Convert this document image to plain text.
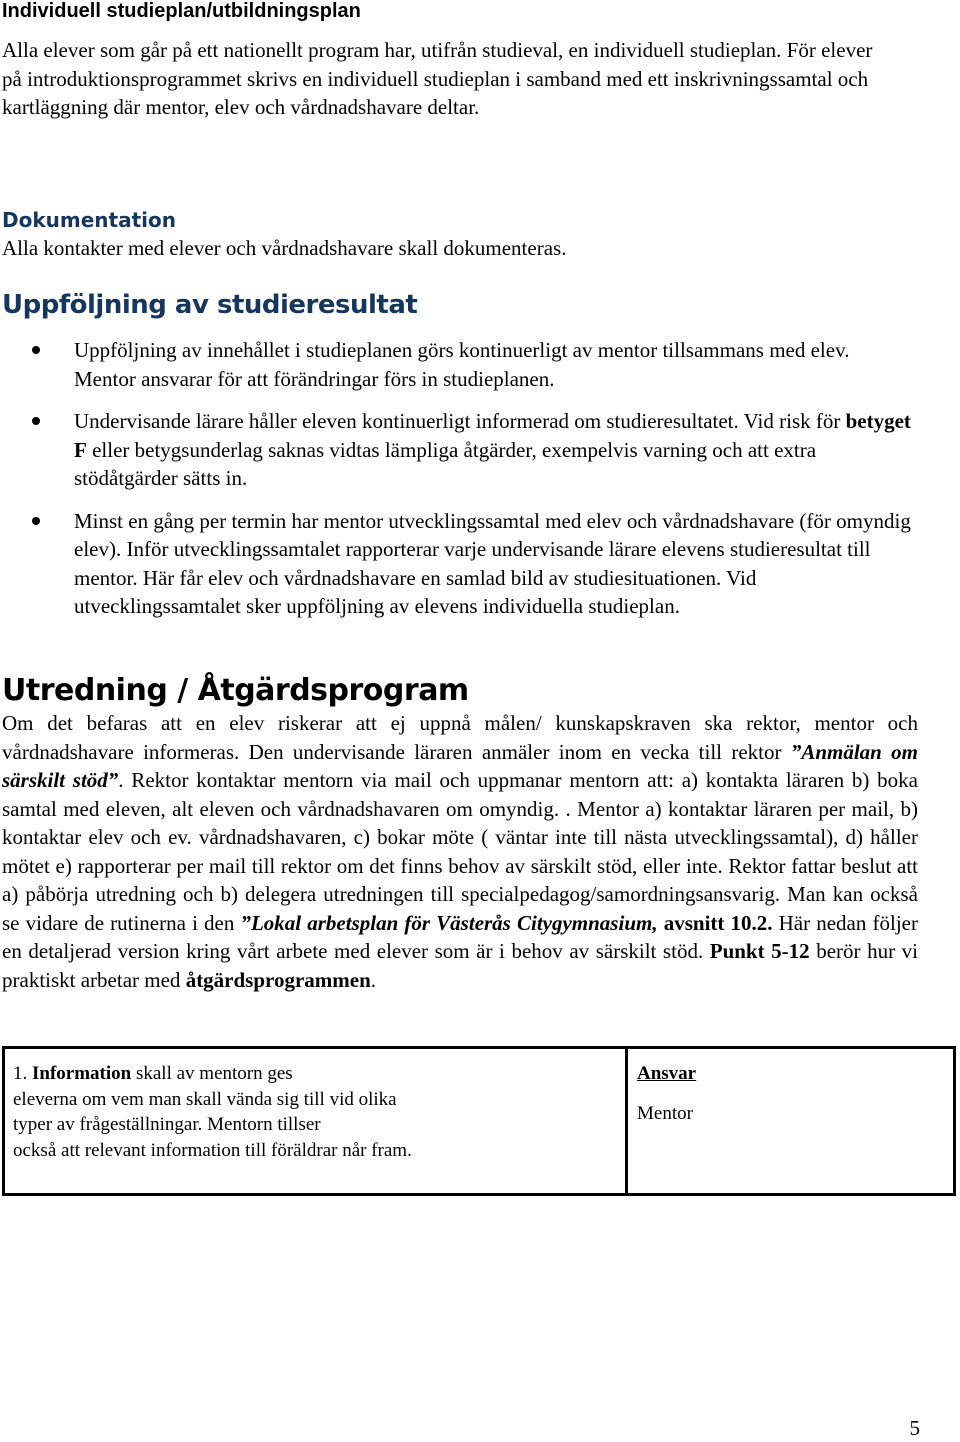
Individuell studieplan/utbildningsplan
Alla elever som går på ett nationellt program har, utifrån studieval, en individuell studieplan. För elever på introduktionsprogrammet skrivs en individuell studieplan i samband med ett inskrivningssamtal och kartläggning där mentor, elev och vårdnadshavare deltar.
Dokumentation
Alla kontakter med elever och vårdnadshavare skall dokumenteras.
Uppföljning av studieresultat
Uppföljning av innehållet i studieplanen görs kontinuerligt av mentor tillsammans med elev. Mentor ansvarar för att förändringar förs in studieplanen.
Undervisande lärare håller eleven kontinuerligt informerad om studieresultatet. Vid risk för betyget F eller betygsunderlag saknas vidtas lämpliga åtgärder, exempelvis varning och att extra stödåtgärder sätts in.
Minst en gång per termin har mentor utvecklingssamtal med elev och vårdnadshavare (för omyndig elev). Inför utvecklingssamtalet rapporterar varje undervisande lärare elevens studieresultat till mentor. Här får elev och vårdnadshavare en samlad bild av studiesituationen. Vid utvecklingssamtalet sker uppföljning av elevens individuella studieplan.
Utredning / Åtgärdsprogram
Om det befaras att en elev riskerar att ej uppnå målen/ kunskapskraven ska rektor, mentor och vårdnadshavare informeras. Den undervisande läraren anmäler inom en vecka till rektor ”Anmälan om särskilt stöd”. Rektor kontaktar mentorn via mail och uppmanar mentorn att: a) kontakta läraren b) boka samtal med eleven, alt eleven och vårdnadshavaren om omyndig. . Mentor a) kontaktar läraren per mail, b) kontaktar elev och ev. vårdnadshavaren, c) bokar möte ( väntar inte till nästa utvecklingssamtal), d) håller mötet e) rapporterar per mail till rektor om det finns behov av särskilt stöd, eller inte. Rektor fattar beslut att a) påbörja utredning och b) delegera utredningen till specialpedagog/samordningsansvarig. Man kan också se vidare de rutinerna i den ”Lokal arbetsplan för Västerås Citygymnasium, avsnitt 10.2. Här nedan följer en detaljerad version kring vårt arbete med elever som är i behov av särskilt stöd. Punkt 5-12 berör hur vi praktiskt arbetar med åtgärdsprogrammen.
1. Information skall av mentorn ges
eleverna om vem man skall vända sig till vid olika
typer av frågeställningar. Mentorn tillser
också att relevant information till föräldrar når fram.
Ansvar
Mentor
5
